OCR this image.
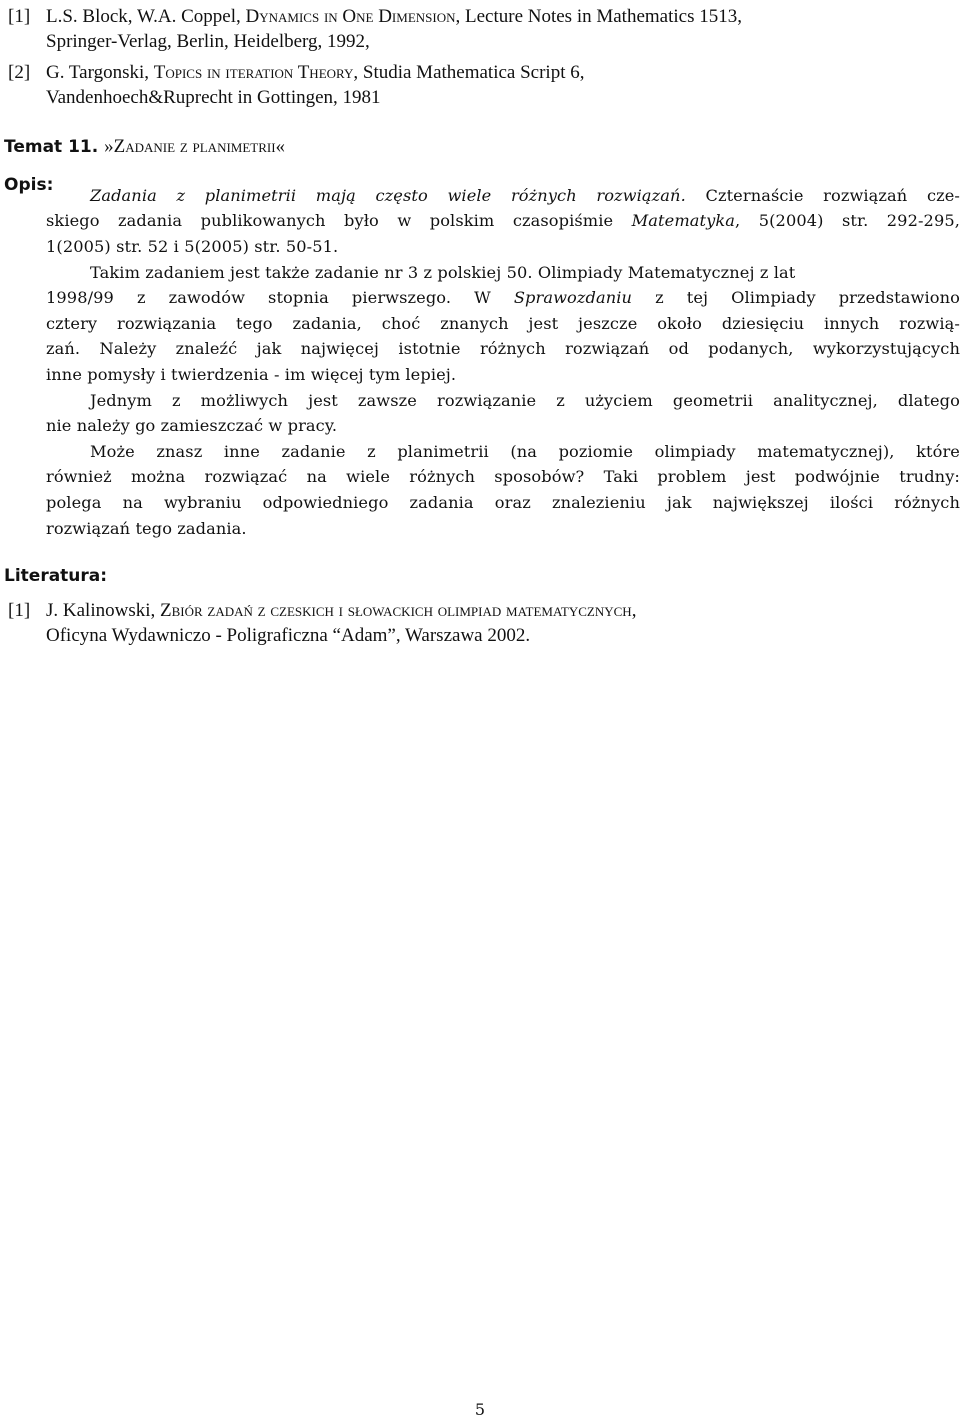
[1] L.S. Block, W.A. Coppel, Dynamics in One Dimension, Lecture Notes in Mathematics 1513,
Springer-Verlag, Berlin, Heidelberg, 1992,
[2] G. Targonski, Topics in iteration Theory, Studia Mathematica Script 6,
Vandenhoech&Ruprecht in Gottingen, 1981
Temat 11. »Zadanie z planimetrii«
Opis:
Zadania z planimetrii mają często wiele różnych rozwiązań. Czternaście rozwiązań cze-
skiego zadania publikowanych było w polskim czasopiśmie Matematyka, 5(2004) str. 292-295,
1(2005) str. 52 i 5(2005) str. 50-51.
Takim zadaniem jest także zadanie nr 3 z polskiej 50. Olimpiady Matematycznej z lat
1998/99 z zawodów stopnia pierwszego. W Sprawozdaniu z tej Olimpiady przedstawiono
cztery rozwiązania tego zadania, choć znanych jest jeszcze około dziesięciu innych rozwią-
zań. Należy znaleźć jak najwięcej istotnie różnych rozwiązań od podanych, wykorzystujących
inne pomysły i twierdzenia - im więcej tym lepiej.
Jednym z możliwych jest zawsze rozwiązanie z użyciem geometrii analitycznej, dlatego
nie należy go zamieszczać w pracy.
Może znasz inne zadanie z planimetrii (na poziomie olimpiady matematycznej), które
również można rozwiązać na wiele różnych sposobów? Taki problem jest podwójnie trudny:
polega na wybraniu odpowiedniego zadania oraz znalezieniu jak największej ilości różnych
rozwiązań tego zadania.
Literatura:
[1] J. Kalinowski, Zbiór zadań z czeskich i słowackich olimpiad matematycznych,
Oficyna Wydawniczo - Poligraficzna “Adam”, Warszawa 2002.
5
